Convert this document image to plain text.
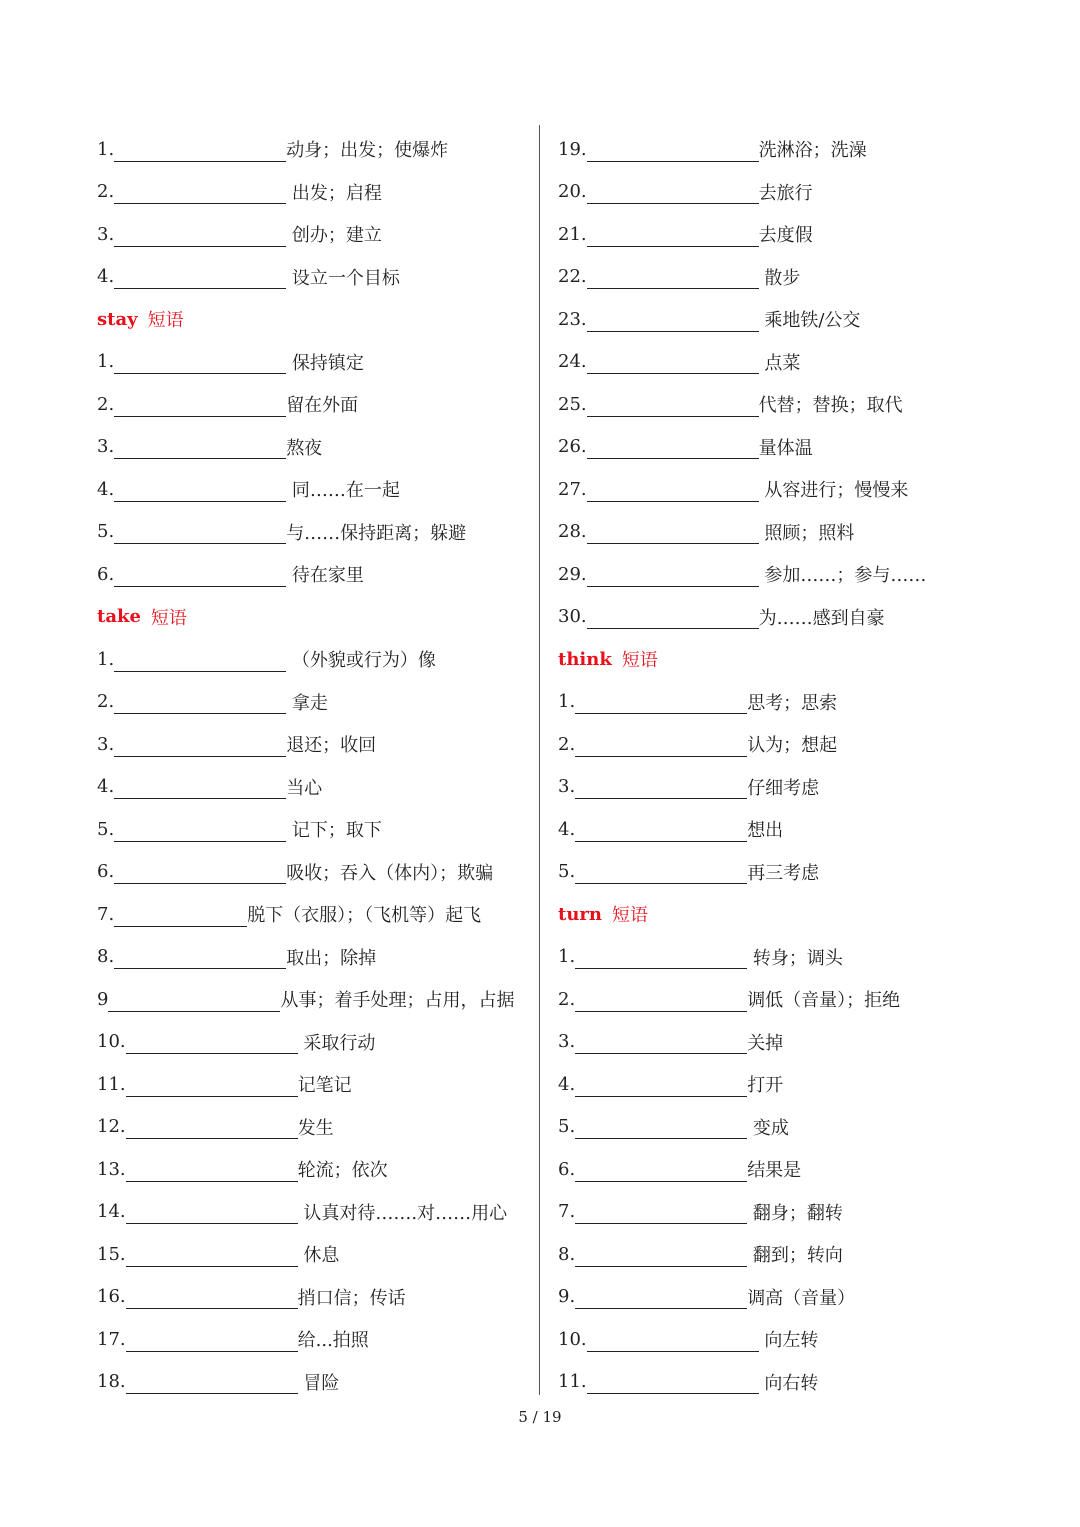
1.	动身；出发；使爆炸
2.	出发；启程
3.	创办；建立
4.	设立一个目标
stay 短语
1.	保持镇定
2.	留在外面
3.	熬夜
4.	同……在一起
5.	与……保持距离；躲避
6.	待在家里
take 短语
1.	（外貌或行为）像
2.	拿走
3.	退还；收回
4.	当心
5.	记下；取下
6.	吸收；吞入（体内）；欺骗
7.	脱下（衣服）；（飞机等）起飞
8.	取出；除掉
9	从事；着手处理；占用，占据
10.	采取行动
11.	记笔记
12.	发生
13.	轮流；依次
14.	认真对待…….对……用心
15.	休息
16.	捎口信；传话
17.	给...拍照
18.	冒险
19.	洗淋浴；洗澡
20.	去旅行
21.	去度假
22.	散步
23.	乘地铁/公交
24.	点菜
25.	代替；替换；取代
26.	量体温
27.	从容进行；慢慢来
28.	照顾；照料
29.	参加……；参与……
30.	为……感到自豪
think 短语
1.	思考；思索
2.	认为；想起
3.	仔细考虑
4.	想出
5.	再三考虑
turn 短语
1.	转身；调头
2.	调低（音量）；拒绝
3.	关掉
4.	打开
5.	变成
6.	结果是
7.	翻身；翻转
8.	翻到；转向
9.	调高（音量）
10.	向左转
11.	向右转
5 / 19
